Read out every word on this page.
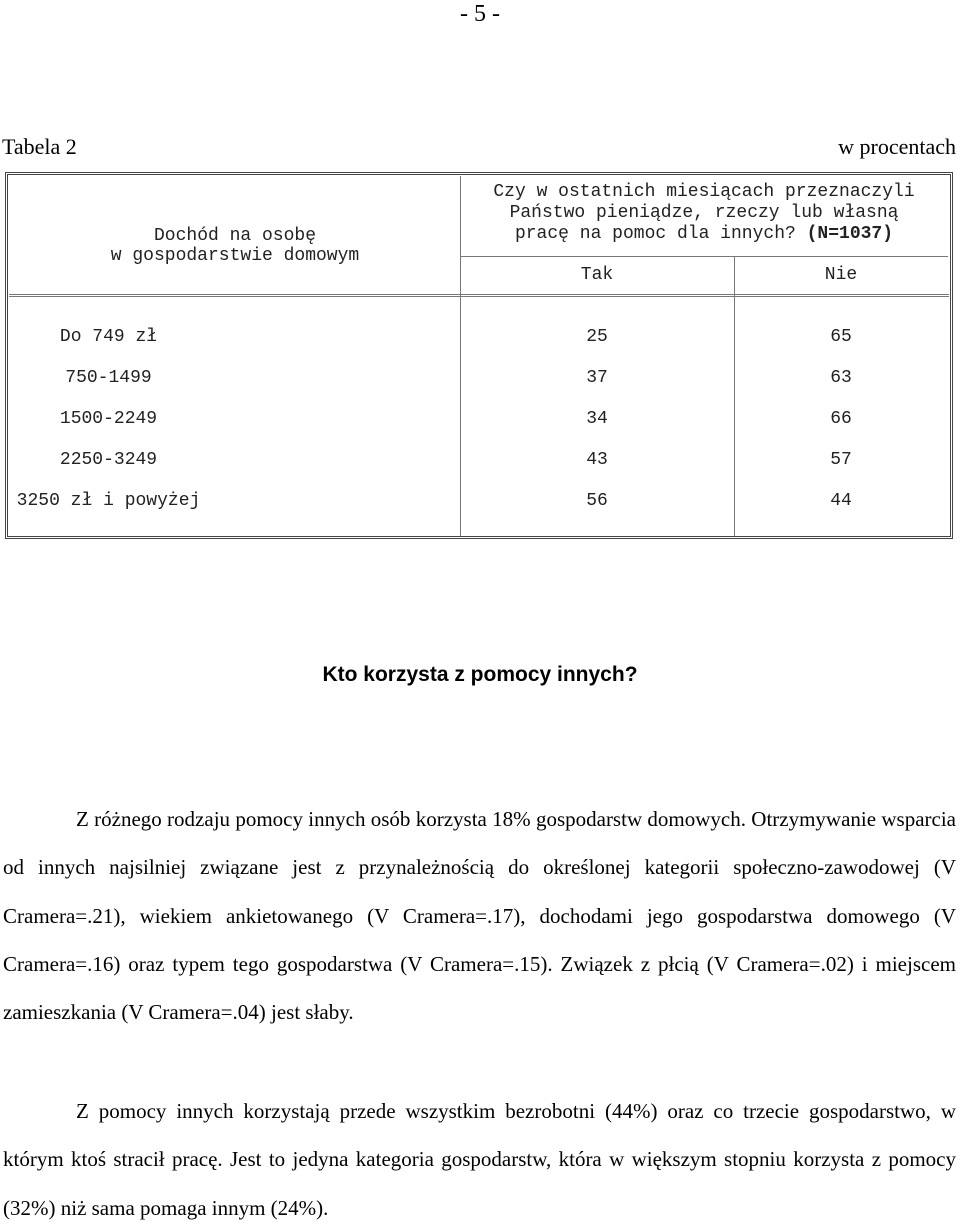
- 5 -
Tabela 2	w procentach
Dochód na osobę
w gospodarstwie domowym
Czy w ostatnich miesiącach przeznaczyli
Państwo pieniądze, rzeczy lub własną
pracę na pomoc dla innych? (N=1037)
Tak	Nie
Do 749 zł	25	65
750-1499	37	63
1500-2249	34	66
2250-3249	43	57
3250 zł i powyżej	56	44
Kto korzysta z pomocy innych?

Z różnego rodzaju pomocy innych osób korzysta 18% gospodarstw domowych. Otrzymywanie wsparcia od innych najsilniej związane jest z przynależnością do określonej kategorii społeczno-zawodowej (V Cramera=.21), wiekiem ankietowanego (V Cramera=.17), dochodami jego gospodarstwa domowego (V Cramera=.16) oraz typem tego gospodarstwa (V Cramera=.15). Związek z płcią (V Cramera=.02) i miejscem zamieszkania (V Cramera=.04) jest słaby.

Z pomocy innych korzystają przede wszystkim bezrobotni (44%) oraz co trzecie gospodarstwo, w którym ktoś stracił pracę. Jest to jedyna kategoria gospodarstw, która w większym stopniu korzysta z pomocy (32%) niż sama pomaga innym (24%).
